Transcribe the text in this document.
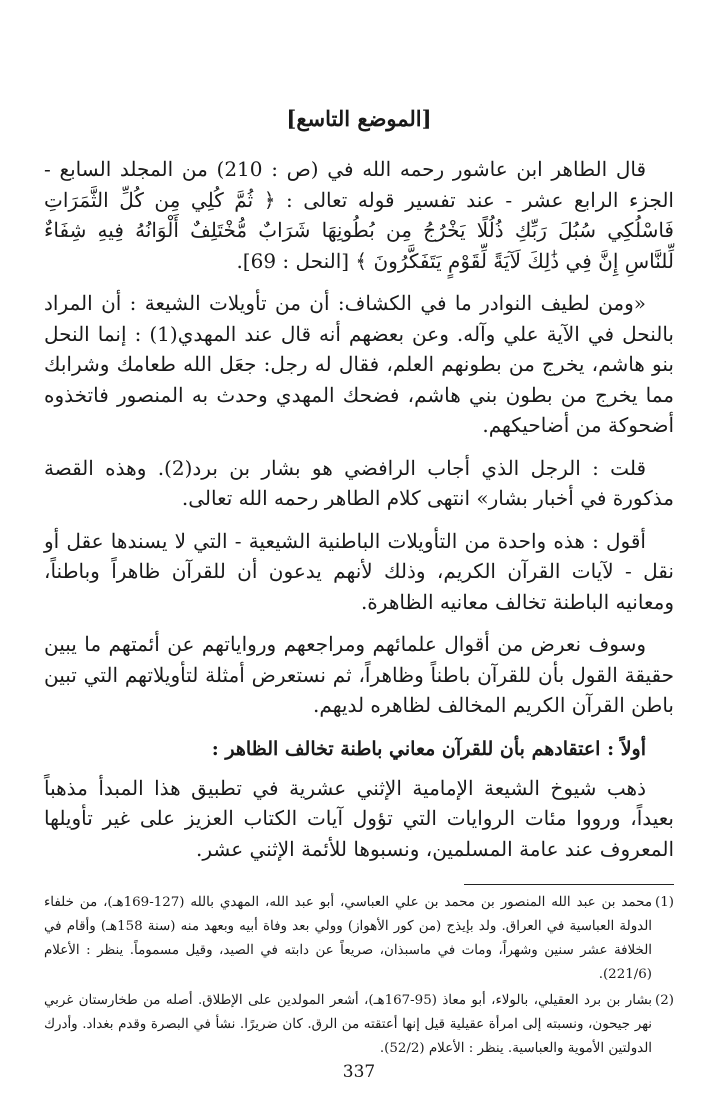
[الموضع التاسع]

قال الطاهر ابن عاشور رحمه الله في (ص : 210) من المجلد السابع - الجزء الرابع عشر - عند تفسير قوله تعالى : ﴿ ثُمَّ كُلِي مِن كُلِّ الثَّمَرَاتِ فَاسْلُكِي سُبُلَ رَبِّكِ ذُلُلًا يَخْرُجُ مِن بُطُونِهَا شَرَابٌ مُّخْتَلِفٌ أَلْوَانُهُ فِيهِ شِفَاءٌ لِّلنَّاسِ إِنَّ فِي ذَٰلِكَ لَآيَةً لِّقَوْمٍ يَتَفَكَّرُونَ ﴾ [النحل : 69].

«ومن لطيف النوادر ما في الكشاف: أن من تأويلات الشيعة : أن المراد بالنحل في الآية علي وآله. وعن بعضهم أنه قال عند المهدي(1) : إنما النحل بنو هاشم، يخرج من بطونهم العلم، فقال له رجل: جعَل الله طعامك وشرابك مما يخرج من بطون بني هاشم، فضحك المهدي وحدث به المنصور فاتخذوه أضحوكة من أضاحيكهم.

قلت : الرجل الذي أجاب الرافضي هو بشار بن برد(2). وهذه القصة مذكورة في أخبار بشار» انتهى كلام الطاهر رحمه الله تعالى.

أقول : هذه واحدة من التأويلات الباطنية الشيعية - التي لا يسندها عقل أو نقل - لآيات القرآن الكريم، وذلك لأنهم يدعون أن للقرآن ظاهراً وباطناً، ومعانيه الباطنة تخالف معانيه الظاهرة.

وسوف نعرض من أقوال علمائهم ومراجعهم ورواياتهم عن أئمتهم ما يبين حقيقة القول بأن للقرآن باطناً وظاهراً، ثم نستعرض أمثلة لتأويلاتهم التي تبين باطن القرآن الكريم المخالف لظاهره لديهم.

أولاً : اعتقادهم بأن للقرآن معاني باطنة تخالف الظاهر :

ذهب شيوخ الشيعة الإمامية الإثني عشرية في تطبيق هذا المبدأ مذهباً بعيداً، ورووا مئات الروايات التي تؤول آيات الكتاب العزيز على غير تأويلها المعروف عند عامة المسلمين، ونسبوها للأئمة الإثني عشر.

(1)
محمد بن عبد الله المنصور بن محمد بن علي العباسي، أبو عبد الله، المهدي بالله (127-169هـ)، من خلفاء الدولة العباسية في العراق. ولد بإيذج (من كور الأهواز) وولي بعد وفاة أبيه وبعهد منه (سنة 158هـ) وأقام في الخلافة عشر سنين وشهراً، ومات في ماسبذان، صريعاً عن دابته في الصيد، وقيل مسموماً. ينظر : الأعلام (221/6).
(2)
بشار بن برد العقيلي، بالولاء، أبو معاذ (95-167هـ)، أشعر المولدين على الإطلاق. أصله من طخارستان غربي نهر جيحون، ونسبته إلى امرأة عقيلية قيل إنها أعتقته من الرق. كان ضريرًا. نشأ في البصرة وقدم بغداد. وأدرك الدولتين الأموية والعباسية. ينظر : الأعلام (52/2).
337
